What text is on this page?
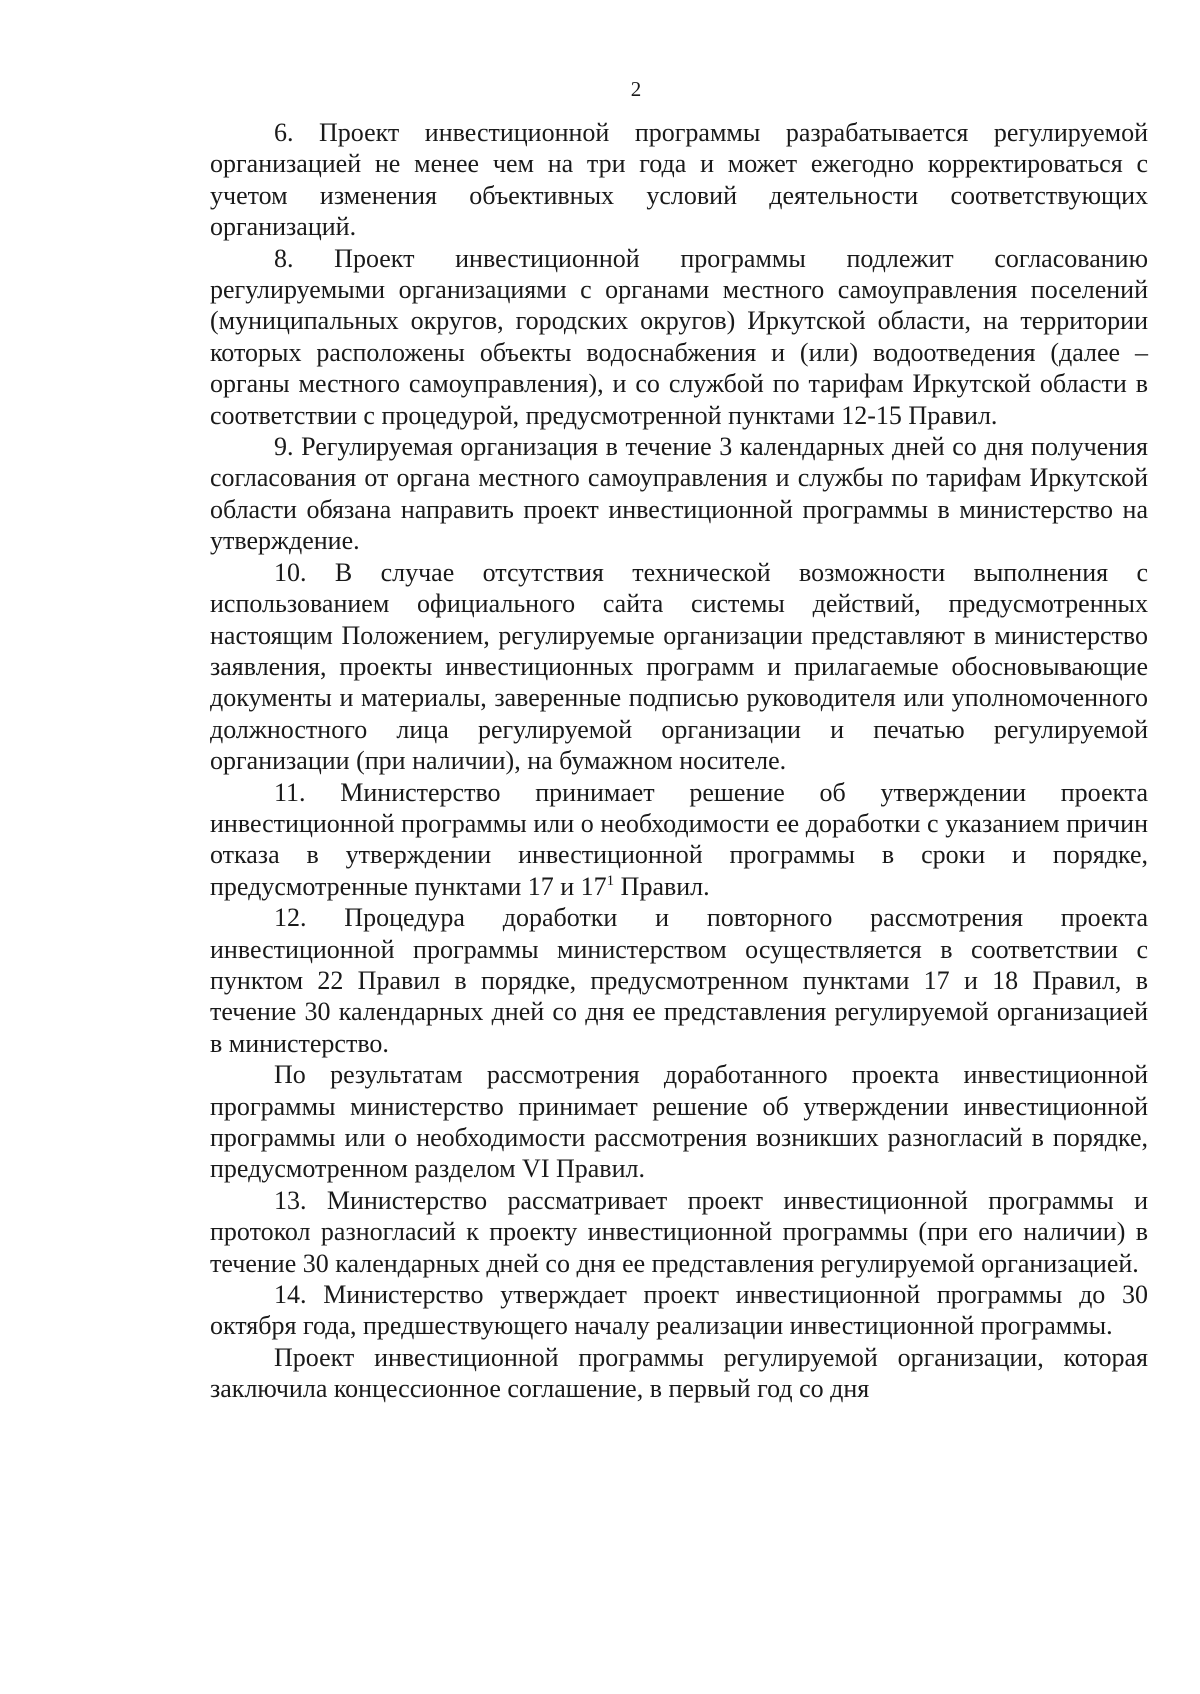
2

6. Проект инвестиционной программы разрабатывается регулируемой организацией не менее чем на три года и может ежегодно корректироваться с учетом изменения объективных условий деятельности соответствующих организаций.

8. Проект инвестиционной программы подлежит согласованию регулируемыми организациями с органами местного самоуправления поселений (муниципальных округов, городских округов) Иркутской области, на территории которых расположены объекты водоснабжения и (или) водоотведения (далее – органы местного самоуправления), и со службой по тарифам Иркутской области в соответствии с процедурой, предусмотренной пунктами 12-15 Правил.

9. Регулируемая организация в течение 3 календарных дней со дня получения согласования от органа местного самоуправления и службы по тарифам Иркутской области обязана направить проект инвестиционной программы в министерство на утверждение.

10. В случае отсутствия технической возможности выполнения с использованием официального сайта системы действий, предусмотренных настоящим Положением, регулируемые организации представляют в министерство заявления, проекты инвестиционных программ и прилагаемые обосновывающие документы и материалы, заверенные подписью руководителя или уполномоченного должностного лица регулируемой организации и печатью регулируемой организации (при наличии), на бумажном носителе.

11. Министерство принимает решение об утверждении проекта инвестиционной программы или о необходимости ее доработки с указанием причин отказа в утверждении инвестиционной программы в сроки и порядке, предусмотренные пунктами 17 и $17^1$ Правил.

12. Процедура доработки и повторного рассмотрения проекта инвестиционной программы министерством осуществляется в соответствии с пунктом 22 Правил в порядке, предусмотренном пунктами 17 и 18 Правил, в течение 30 календарных дней со дня ее представления регулируемой организацией в министерство.

По результатам рассмотрения доработанного проекта инвестиционной программы министерство принимает решение об утверждении инвестиционной программы или о необходимости рассмотрения возникших разногласий в порядке, предусмотренном разделом VI Правил.

13. Министерство рассматривает проект инвестиционной программы и протокол разногласий к проекту инвестиционной программы (при его наличии) в течение 30 календарных дней со дня ее представления регулируемой организацией.

14. Министерство утверждает проект инвестиционной программы до 30 октября года, предшествующего началу реализации инвестиционной программы.

Проект инвестиционной программы регулируемой организации, которая заключила концессионное соглашение, в первый год со дня
